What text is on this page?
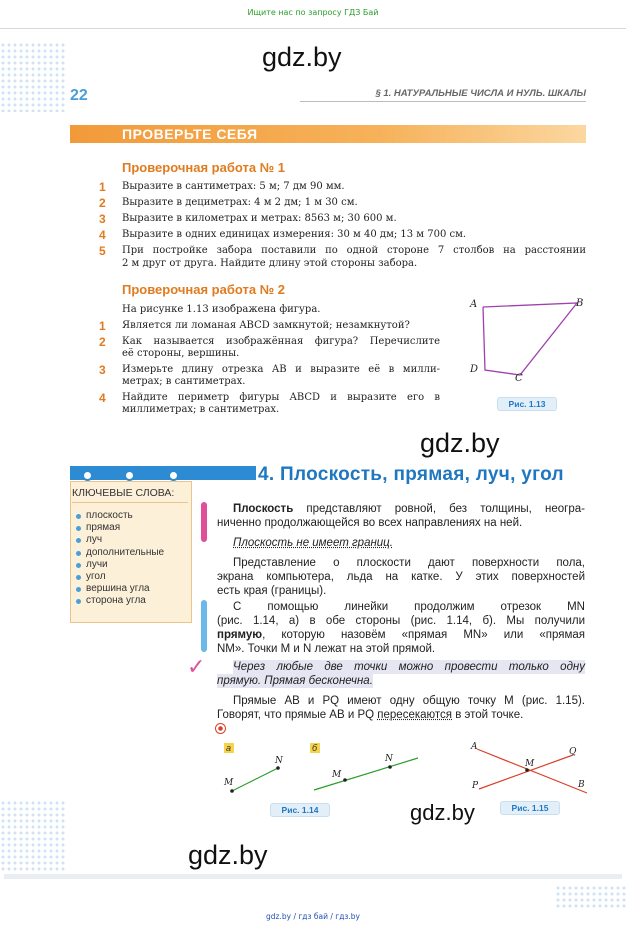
Ищите нас по запросу ГДЗ Бай
gdz.by
gdz.by
gdz.by
gdz.by
22	§ 1. НАТУРАЛЬНЫЕ ЧИСЛА И НУЛЬ. ШКАЛЫ
ПРОВЕРЬТЕ СЕБЯ
Проверочная работа № 1
1 Выразите в сантиметрах: 5 м; 7 дм 90 мм.
2 Выразите в дециметрах: 4 м 2 дм; 1 м 30 см.
3 Выразите в километрах и метрах: 8563 м; 30 600 м.
4 Выразите в одних единицах измерения: 30 м 40 дм; 13 м 700 см.
5 При постройке забора поставили по одной стороне 7 столбов на расстоянии
2 м друг от друга. Найдите длину этой стороны забора.
Проверочная работа № 2
На рисунке 1.13 изображена фигура.
1 Является ли ломаная ABCD замкнутой; незамкнутой?
2 Как называется изображённая фигура? Перечислите
её стороны, вершины.
3 Измерьте длину отрезка AB и выразите её в милли-
метрах; в сантиметрах.
4 Найдите периметр фигуры ABCD и выразите его в
миллиметрах; в сантиметрах.
A	B
C
D
Рис. 1.13
4. Плоскость, прямая, луч, угол
КЛЮЧЕВЫЕ СЛОВА:
плоскость
прямая
луч
дополнительные
лучи
угол
вершина угла
сторона угла
✓
Плоскость представляют ровной, без толщины, неогра-
ниченно продолжающейся во всех направлениях на ней.
Плоскость не имеет границ.
Представление о плоскости дают поверхности пола,
экрана компьютера, льда на катке. У этих поверхностей
есть края (границы).
С помощью линейки продолжим отрезок MN
(рис. 1.14, а) в обе стороны (рис. 1.14, б). Мы получили
прямую, которую назовём «прямая MN» или «прямая
NM». Точки M и N лежат на этой прямой.
Через любые две точки можно провести только одну
прямую. Прямая бесконечна.
Прямые AB и PQ имеют одну общую точку M (рис. 1.15).
Говорят, что прямые AB и PQ пересекаются в этой точке.
а	б
M
N
M
N
Рис. 1.14
A	Q
M
P	B
Рис. 1.15
gdz.by / гдз бай / гдз.by
